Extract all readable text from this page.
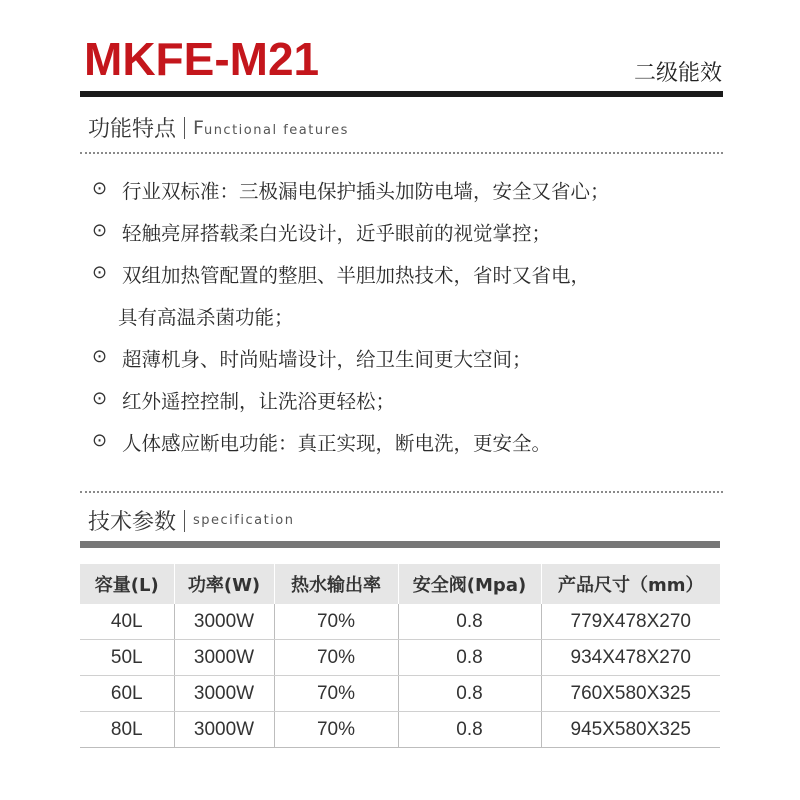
MKFE-M21	二级能效
功能特点 Functional features
⊙ 行业双标准：三极漏电保护插头加防电墙，安全又省心；
⊙ 轻触亮屏搭载柔白光设计，近乎眼前的视觉掌控；
⊙ 双组加热管配置的整胆、半胆加热技术，省时又省电，
具有高温杀菌功能；
⊙ 超薄机身、时尚贴墙设计，给卫生间更大空间；
⊙ 红外遥控控制，让洗浴更轻松；
⊙ 人体感应断电功能：真正实现，断电洗，更安全。
技术参数 specification
容量(L)	功率(W)	热水输出率	安全阀(Mpa)	产品尺寸（mm）
40L	3000W	70%	0.8	779X478X270
50L	3000W	70%	0.8	934X478X270
60L	3000W	70%	0.8	760X580X325
80L	3000W	70%	0.8	945X580X325
